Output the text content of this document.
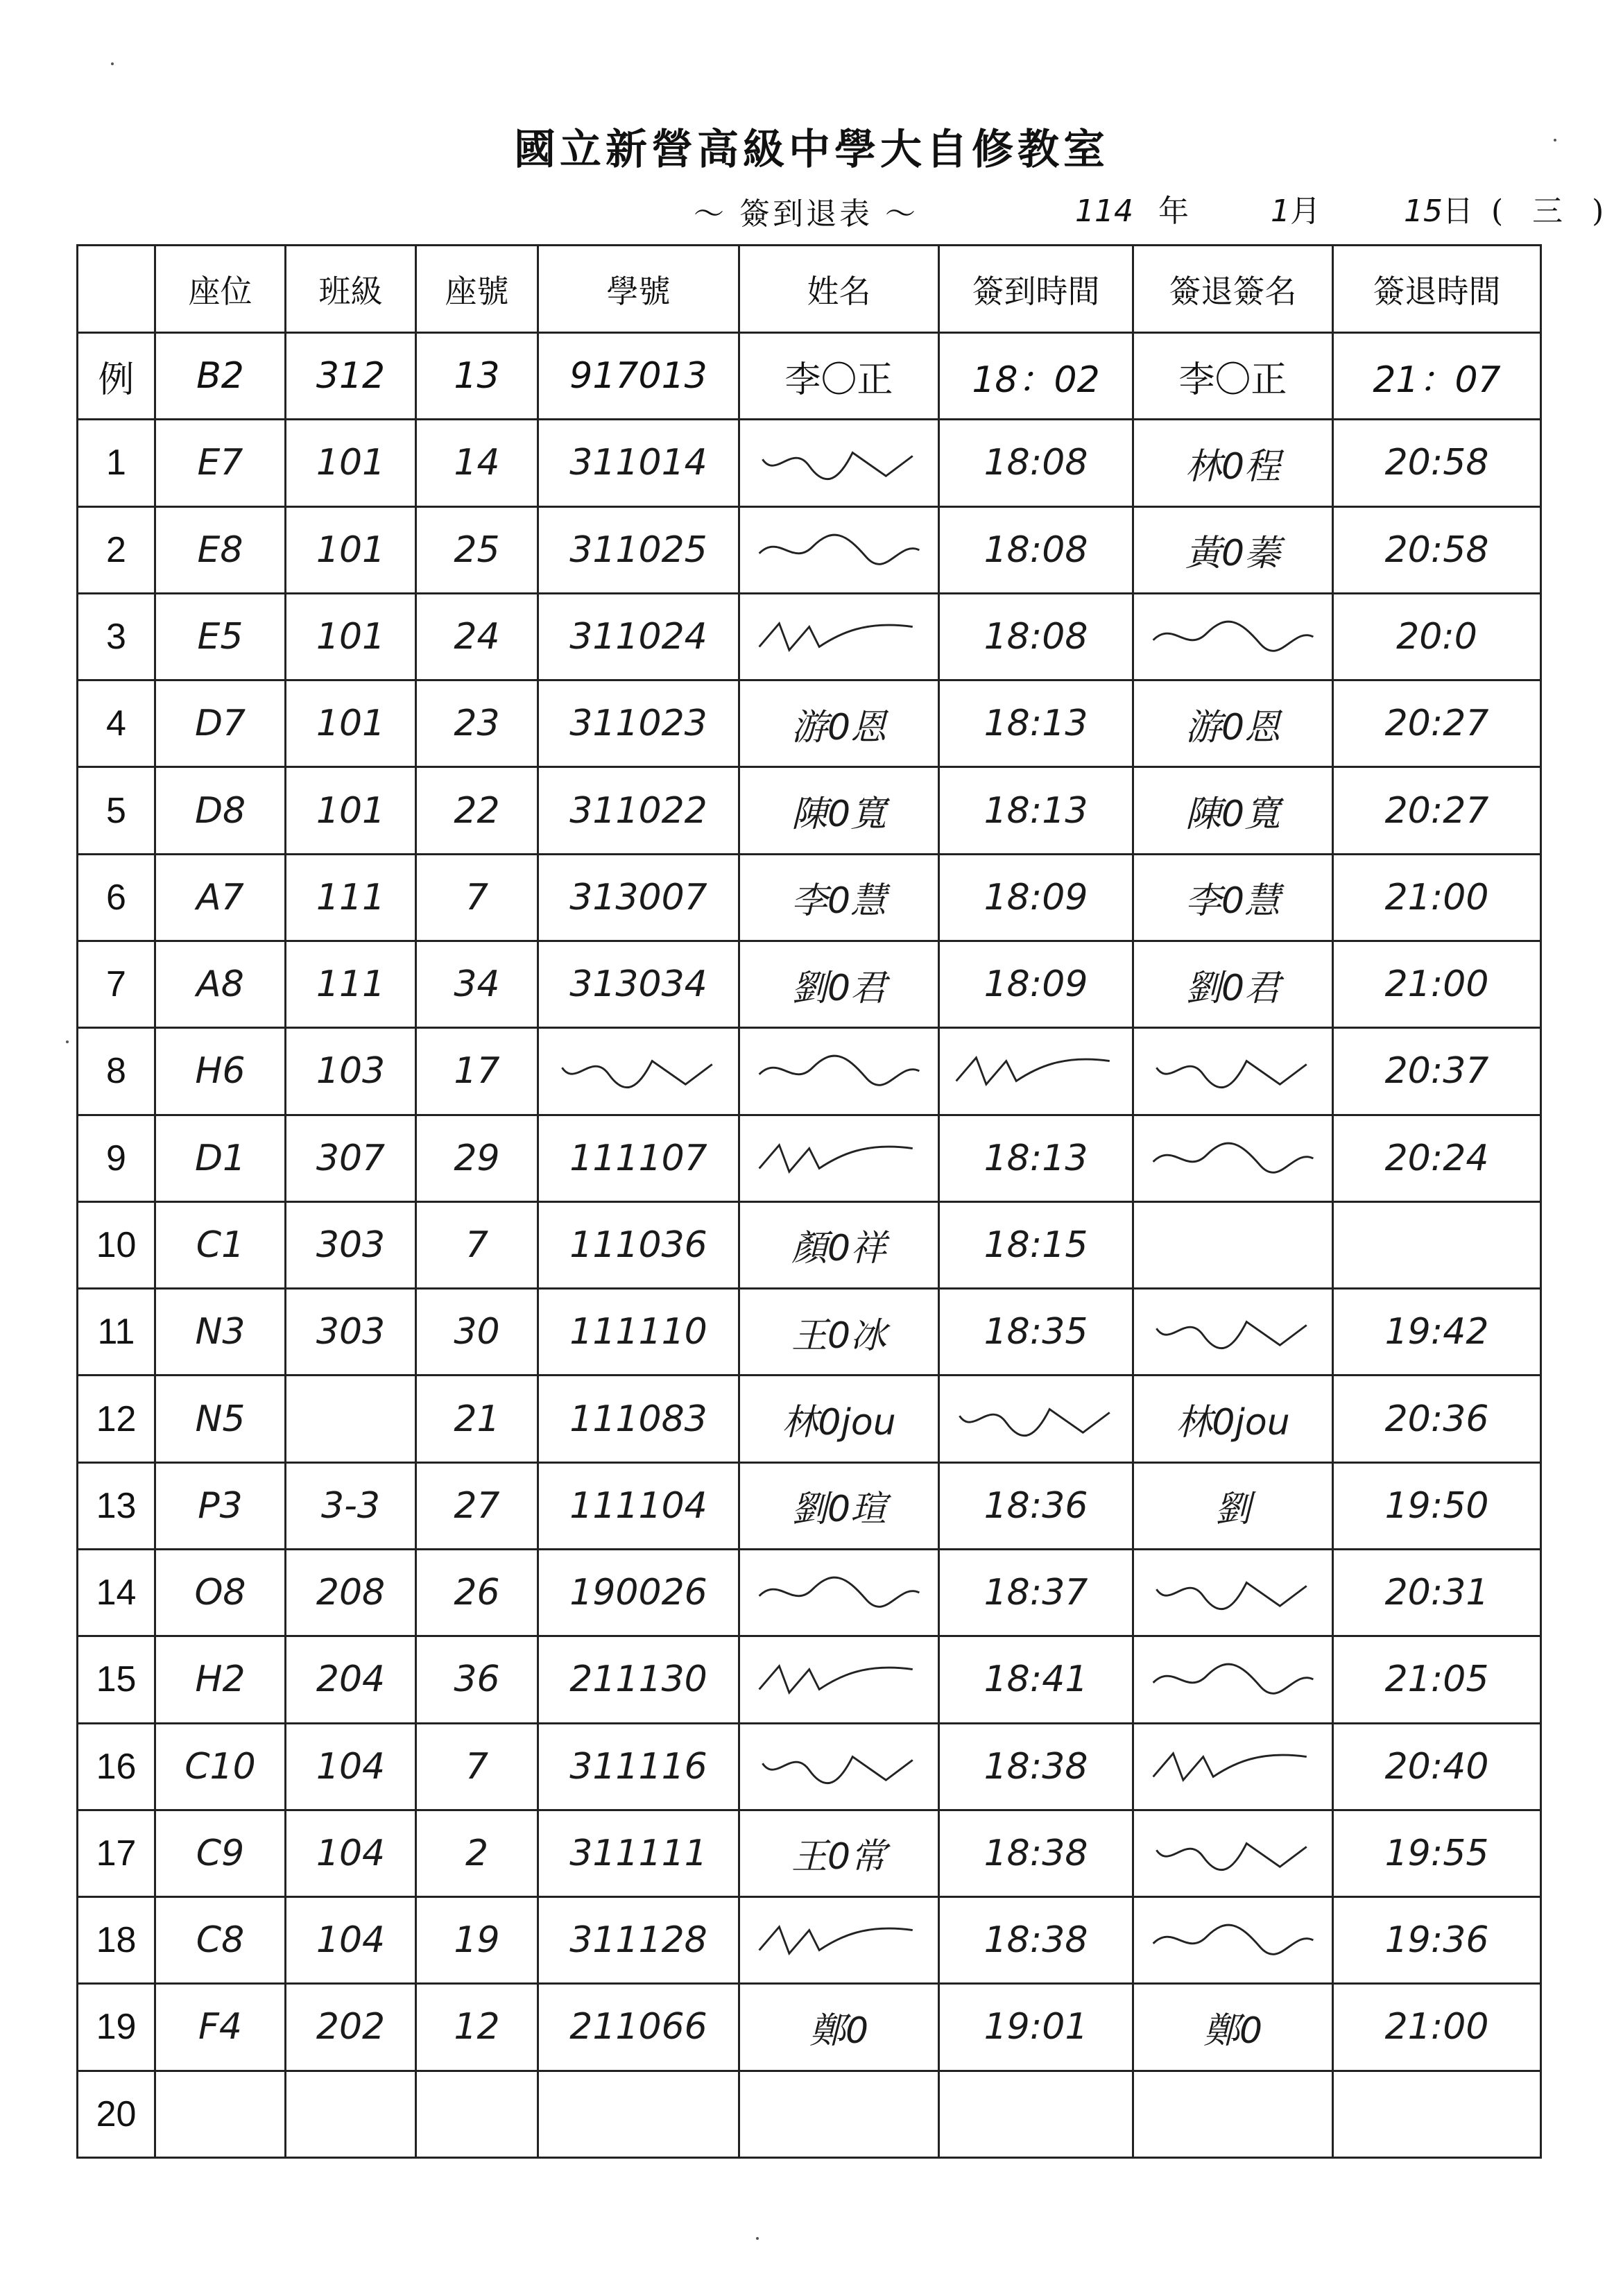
國立新營高級中學大自修教室
～ 簽到退表 ～	114 年	1月	15日 ( 三 )
	座位	班級	座號	學號	姓名	簽到時間	簽退簽名	簽退時間
例	B2	312	13	917013	李〇正	18：02	李〇正	21：07
1	E7	101	14	311014		18:08	林0程	20:58
2	E8	101	25	311025		18:08	黃0蓁	20:58
3	E5	101	24	311024		18:08		20:0
4	D7	101	23	311023	游0恩	18:13	游0恩	20:27
5	D8	101	22	311022	陳0寬	18:13	陳0寬	20:27
6	A7	111	7	313007	李0慧	18:09	李0慧	21:00
7	A8	111	34	313034	劉0君	18:09	劉0君	21:00
8	H6	103	17					20:37
9	D1	307	29	111107		18:13		20:24
10	C1	303	7	111036	顏0祥	18:15		
11	N3	303	30	111110	王0冰	18:35		19:42
12	N5		21	111083	林0jou		林0jou	20:36
13	P3	3-3	27	111104	劉0瑄	18:36	劉	19:50
14	O8	208	26	190026		18:37		20:31
15	H2	204	36	211130		18:41		21:05
16	C10	104	7	311116		18:38		20:40
17	C9	104	2	311111	王0常	18:38		19:55
18	C8	104	19	311128		18:38		19:36
19	F4	202	12	211066	鄭0	19:01	鄭0	21:00
20								
